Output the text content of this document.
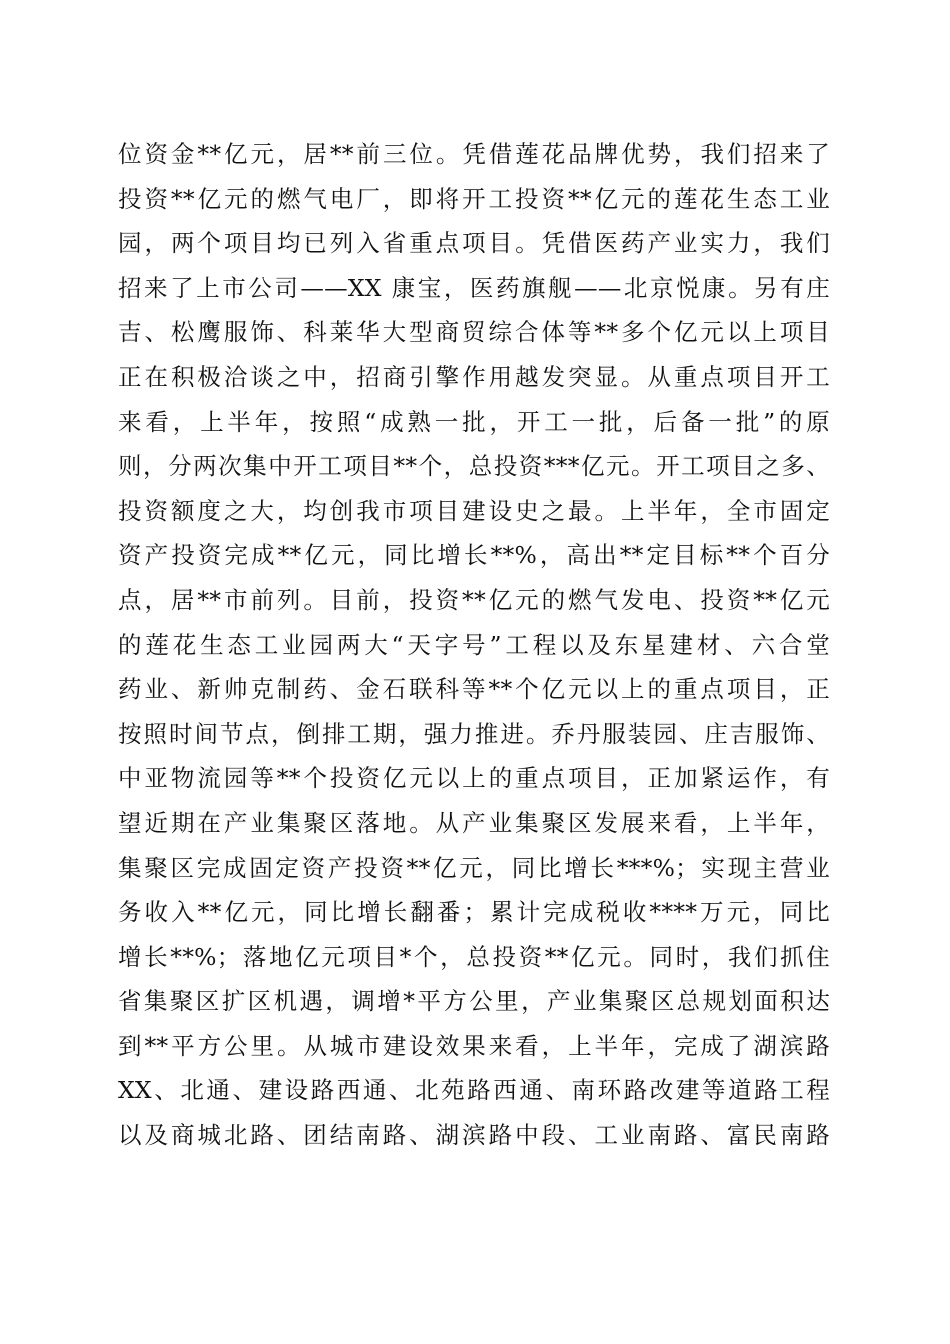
位资金**亿元，居**前三位。凭借莲花品牌优势，我们招来了
投资**亿元的燃气电厂，即将开工投资**亿元的莲花生态工业
园，两个项目均已列入省重点项目。凭借医药产业实力，我们
招来了上市公司——XX 康宝，医药旗舰——北京悦康。另有庄
吉、松鹰服饰、科莱华大型商贸综合体等**多个亿元以上项目
正在积极洽谈之中，招商引擎作用越发突显。从重点项目开工
来看，上半年，按照“成熟一批，开工一批，后备一批”的原
则，分两次集中开工项目**个，总投资***亿元。开工项目之多、
投资额度之大，均创我市项目建设史之最。上半年，全市固定
资产投资完成**亿元，同比增长**%，高出**定目标**个百分
点，居**市前列。目前，投资**亿元的燃气发电、投资**亿元
的莲花生态工业园两大“天字号”工程以及东星建材、六合堂
药业、新帅克制药、金石联科等**个亿元以上的重点项目，正
按照时间节点，倒排工期，强力推进。乔丹服装园、庄吉服饰、
中亚物流园等**个投资亿元以上的重点项目，正加紧运作，有
望近期在产业集聚区落地。从产业集聚区发展来看，上半年，
集聚区完成固定资产投资**亿元，同比增长***%；实现主营业
务收入**亿元，同比增长翻番；累计完成税收****万元，同比
增长**%；落地亿元项目*个，总投资**亿元。同时，我们抓住
省集聚区扩区机遇，调增*平方公里，产业集聚区总规划面积达
到**平方公里。从城市建设效果来看，上半年，完成了湖滨路
XX、北通、建设路西通、北苑路西通、南环路改建等道路工程
以及商城北路、团结南路、湖滨路中段、工业南路、富民南路
